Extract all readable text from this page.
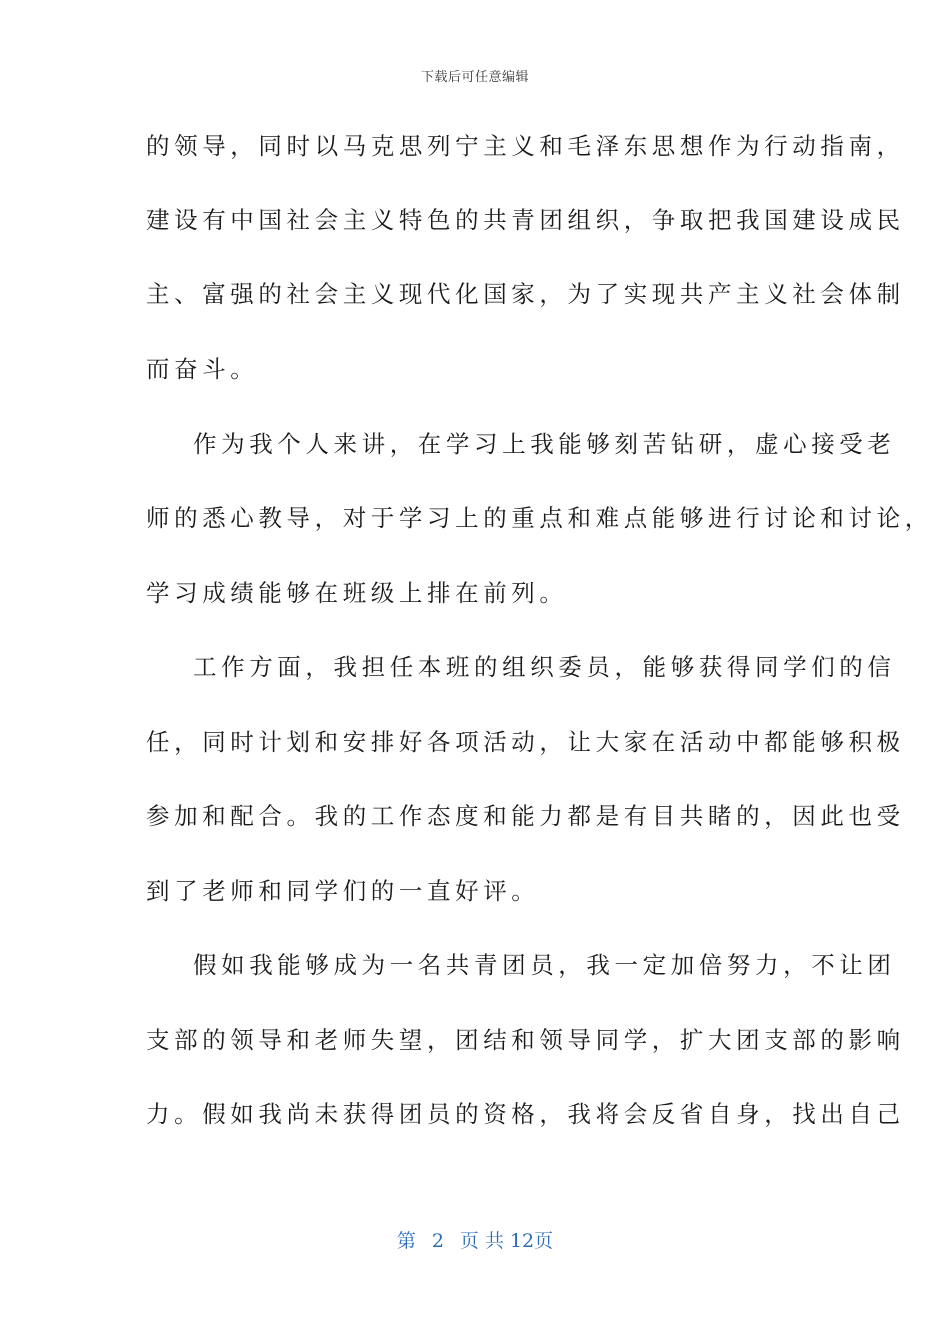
下载后可任意编辑
的领导，同时以马克思列宁主义和毛泽东思想作为行动指南，
建设有中国社会主义特色的共青团组织，争取把我国建设成民
主、富强的社会主义现代化国家，为了实现共产主义社会体制
而奋斗。
作为我个人来讲，在学习上我能够刻苦钻研，虚心接受老
师的悉心教导，对于学习上的重点和难点能够进行讨论和讨论，
学习成绩能够在班级上排在前列。
工作方面，我担任本班的组织委员，能够获得同学们的信
任，同时计划和安排好各项活动，让大家在活动中都能够积极
参加和配合。我的工作态度和能力都是有目共睹的，因此也受
到了老师和同学们的一直好评。
假如我能够成为一名共青团员，我一定加倍努力，不让团
支部的领导和老师失望，团结和领导同学，扩大团支部的影响
力。假如我尚未获得团员的资格，我将会反省自身，找出自己
第 2 页 共 12页
